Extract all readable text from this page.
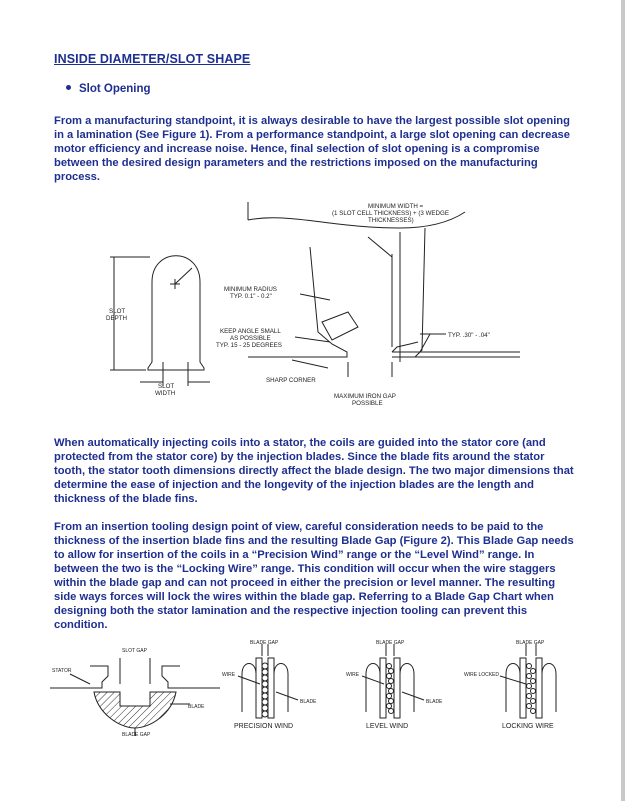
INSIDE DIAMETER/SLOT SHAPE
Slot Opening

From a manufacturing standpoint, it is always desirable to have the largest possible slot opening in a lamination (See Figure 1). From a performance standpoint, a large slot opening can decrease motor efficiency and increase noise. Hence, final selection of slot opening is a compromise between the desired design parameters and the restrictions imposed on the manufacturing process.

MINIMUM WIDTH =
(1 SLOT CELL THICKNESS) + (3 WEDGE
THICKNESSES)
SLOT
DEPTH
MINIMUM RADIUS
TYP. 0.1" - 0.2"
KEEP ANGLE SMALL
AS POSSIBLE
TYP. 15 - 25 DEGREES
TYP. .30" - .04"
SHARP CORNER
SLOT
WIDTH	MAXIMUM IRON GAP
POSSIBLE

When automatically injecting coils into a stator, the coils are guided into the stator core (and protected from the stator core) by the injection blades. Since the blade fits around the stator tooth, the stator tooth dimensions directly affect the blade design. The two major dimensions that determine the ease of injection and the longevity of the injection blades are the length and thickness of the blade fins.

From an insertion tooling design point of view, careful consideration needs to be paid to the thickness of the insertion blade fins and the resulting Blade Gap (Figure 2). This Blade Gap needs to allow for insertion of the coils in a “Precision Wind” range or the “Level Wind” range. In between the two is the “Locking Wire” range. This condition will occur when the wire staggers within the blade gap and can not proceed in either the precision or level manner. The resulting side ways forces will lock the wires within the blade gap. Referring to a Blade Gap Chart when designing both the stator lamination and the respective injection tooling can prevent this condition.

SLOT GAP
STATOR
BLADE
BLADE GAP
BLADE GAP
WIRE
BLADE
PRECISION WIND
BLADE GAP
WIRE
BLADE
LEVEL WIND
BLADE GAP
WIRE LOCKED
LOCKING WIRE
